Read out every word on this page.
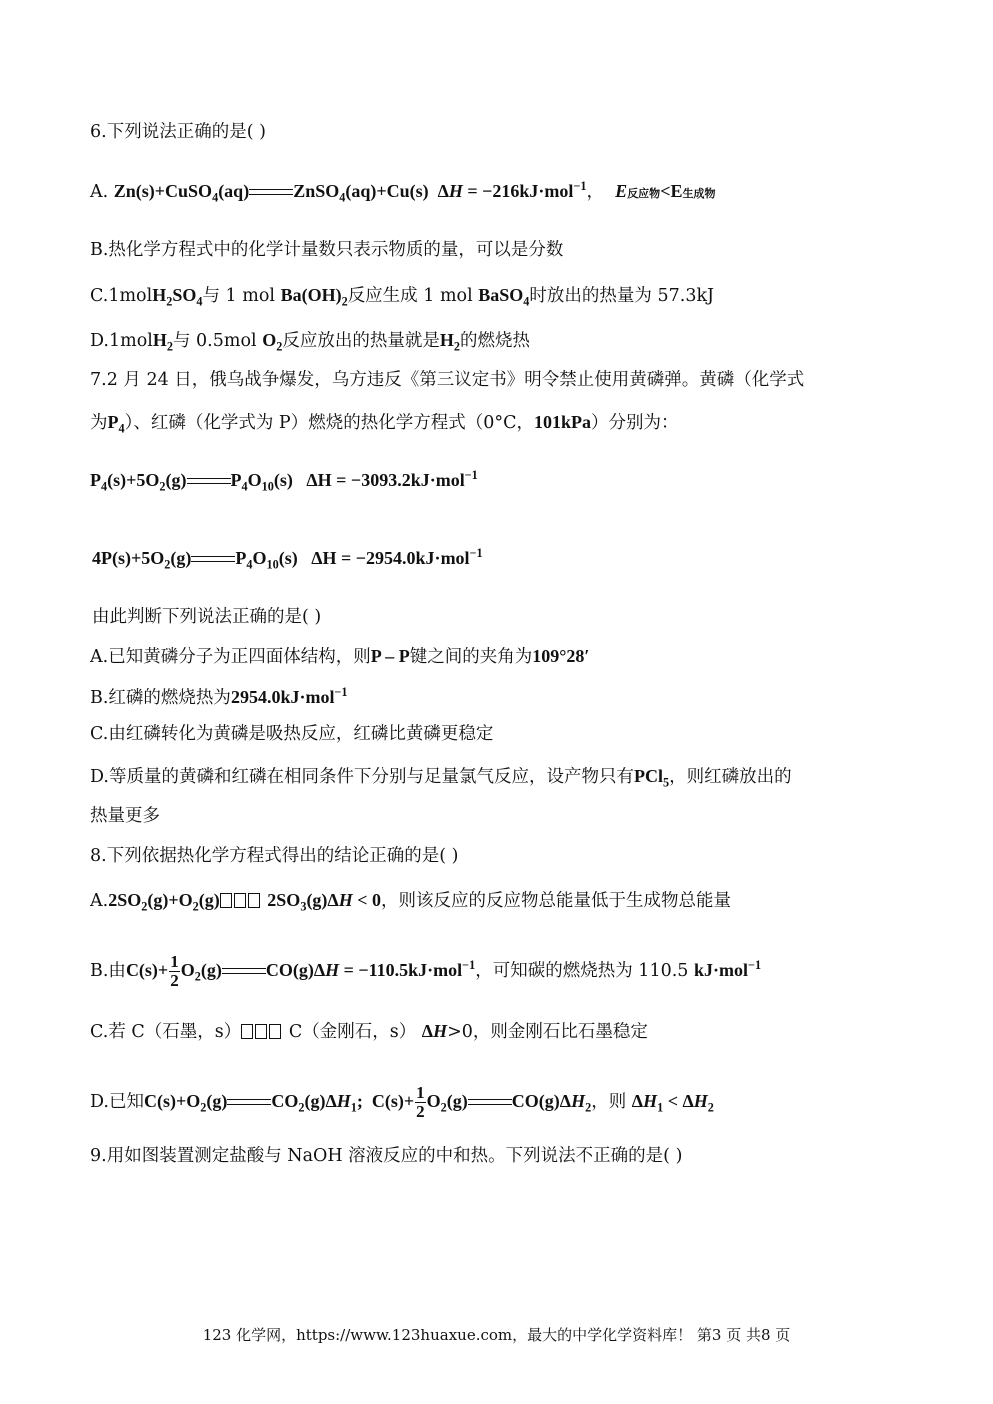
6.下列说法正确的是( )
A. Zn(s)+CuSO$_4$(aq) ZnSO$_4$(aq)+Cu(s)  ΔH = −216kJ·mol$^{-1}$，  E反应物<E生成物
B.热化学方程式中的化学计量数只表示物质的量，可以是分数
$C.1molH_2SO_4$与 1 mol $Ba(OH)_2$反应生成 1 mol BaSO$_4$时放出的热量为 57.3kJ
D.1molH$_2$与 0.5mol $O_2$反应放出的热量就是$H_2$的燃烧热
7.2 月 24 日，俄乌战争爆发，乌方违反《第三议定书》明令禁止使用黄磷弹。黄磷（化学式
为$P_4$）、红磷（化学式为 P）燃烧的热化学方程式（0°C，101kPa）分别为：
$P_4(s)+5O_2(g)$ $P_4O_{10}(s) \Delta H = -3093.2kJ\cdot mol^{-1}$
$4P(s)+5O_2(g)$ $P_4O_{10}(s) \Delta H = -2954.0kJ\cdot mol^{-1}$
由此判断下列说法正确的是( )
A.已知黄磷分子为正四面体结构，则P – P键之间的夹角为109°28′
B.红磷的燃烧热为2954.0kJ·mol$^{-1}$
C.由红磷转化为黄磷是吸热反应，红磷比黄磷更稳定
D.等质量的黄磷和红磷在相同条件下分别与足量氯气反应，设产物只有PCl$_5$，则红磷放出的
热量更多
8.下列依据热化学方程式得出的结论正确的是( )
$A.2SO_2(g)+O_2(g)$	$2SO_3(g)\Delta H < 0$，则该反应的反应物总能量低于生成物总能量
B.由$C(s)+ \frac{1}{2} O_2(g) CO(g)\Delta H = -110.5kJ\cdot mol^{-1}$，可知碳的燃烧热为 110.5 kJ·mol$^{-1}$
C.若 C（石墨，s） C（金刚石，s） ΔH>0，则金刚石比石墨稳定
D.已知$C(s)+O_2(g)$ $CO_2(g)\Delta H_1$;  $C(s)+ \frac{1}{2} O_2(g)$ $CO(g)\Delta H_2$，则 $\Delta H_1 < \Delta H_2$
9.用如图装置测定盐酸与 NaOH 溶液反应的中和热。下列说法不正确的是( )
123 化学网，https://www.123huaxue.com，最大的中学化学资料库！ 第3 页 共8 页
